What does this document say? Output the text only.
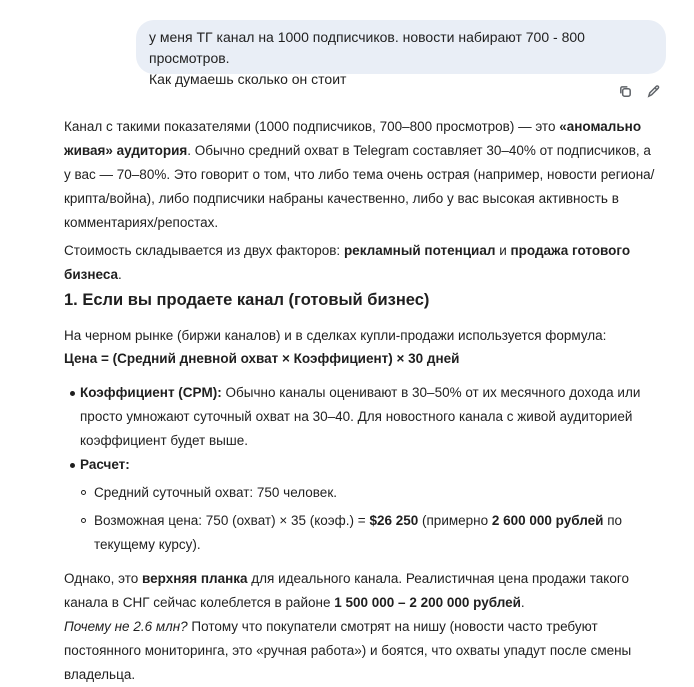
у меня ТГ канал на 1000 подписчиков. новости набирают 700 - 800 просмотров.
Как думаешь сколько он стоит

Канал с такими показателями (1000 подписчиков, 700–800 просмотров) — это «аномально живая» аудитория. Обычно средний охват в Telegram составляет 30–40% от подписчиков, а у вас — 70–80%. Это говорит о том, что либо тема очень острая (например, новости региона/крипта/война), либо подписчики набраны качественно, либо у вас высокая активность в комментариях/репостах.

Стоимость складывается из двух факторов: рекламный потенциал и продажа готового бизнеса.

1. Если вы продаете канал (готовый бизнес)

На черном рынке (биржи каналов) и в сделках купли-продажи используется формула:

Цена = (Средний дневной охват × Коэффициент) × 30 дней

Коэффициент (CPM): Обычно каналы оценивают в 30–50% от их месячного дохода или просто умножают суточный охват на 30–40. Для новостного канала с живой аудиторией коэффициент будет выше.
Расчет:
Средний суточный охват: 750 человек.
Возможная цена: 750 (охват) × 35 (коэф.) = $26 250 (примерно 2 600 000 рублей по текущему курсу).

Однако, это верхняя планка для идеального канала. Реалистичная цена продажи такого канала в СНГ сейчас колеблется в районе 1 500 000 – 2 200 000 рублей.
Почему не 2.6 млн? Потому что покупатели смотрят на нишу (новости часто требуют постоянного мониторинга, это «ручная работа») и боятся, что охваты упадут после смены владельца.
